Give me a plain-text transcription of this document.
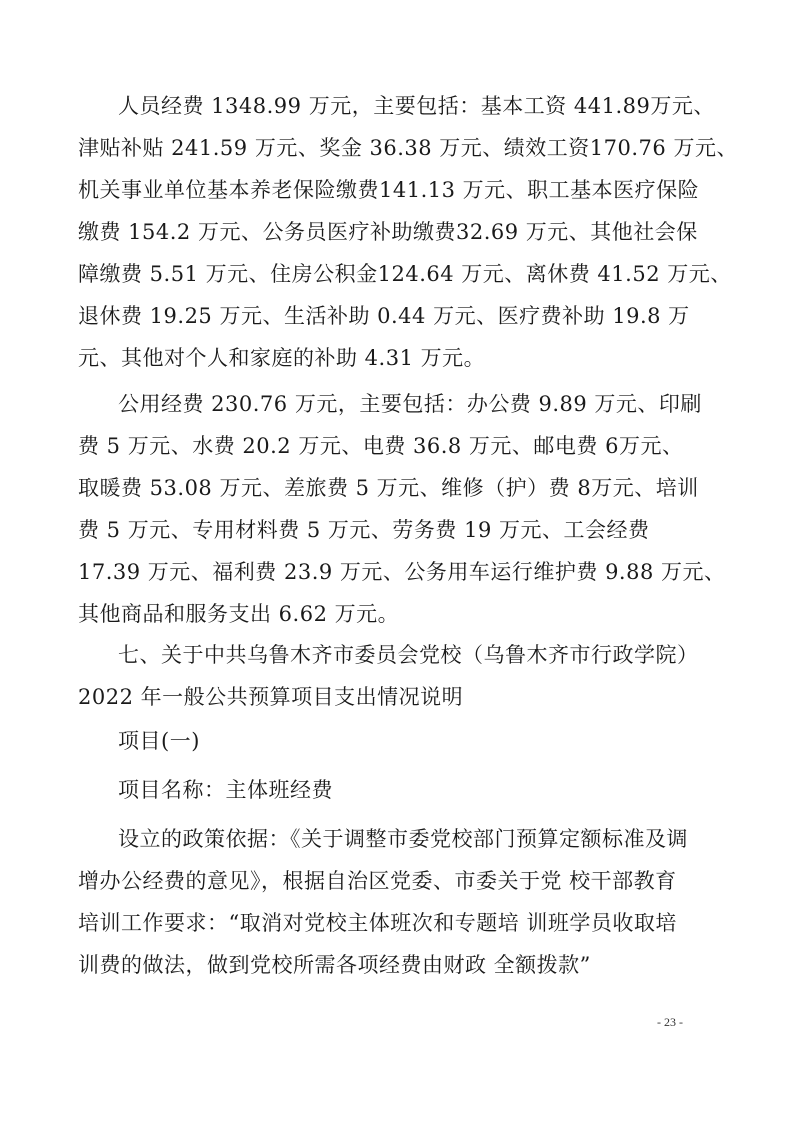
人员经费 1348.99 万元，主要包括：基本工资 441.89万元、
津贴补贴 241.59 万元、奖金 36.38 万元、绩效工资170.76 万元、
机关事业单位基本养老保险缴费141.13 万元、职工基本医疗保险
缴费 154.2 万元、公务员医疗补助缴费32.69 万元、其他社会保
障缴费 5.51 万元、住房公积金124.64 万元、离休费 41.52 万元、
退休费 19.25 万元、生活补助 0.44 万元、医疗费补助 19.8 万
元、其他对个人和家庭的补助 4.31 万元。
公用经费 230.76 万元，主要包括：办公费 9.89 万元、印刷
费 5 万元、水费 20.2 万元、电费 36.8 万元、邮电费 6万元、
取暖费 53.08 万元、差旅费 5 万元、维修（护）费 8万元、培训
费 5 万元、专用材料费 5 万元、劳务费 19 万元、工会经费
17.39 万元、福利费 23.9 万元、公务用车运行维护费 9.88 万元、
其他商品和服务支出 6.62 万元。
七、关于中共乌鲁木齐市委员会党校（乌鲁木齐市行政学院）
2022 年一般公共预算项目支出情况说明
项目(一)
项目名称：主体班经费
设立的政策依据：《关于调整市委党校部门预算定额标准及调
增办公经费的意见》，根据自治区党委、市委关于党 校干部教育
培训工作要求：“取消对党校主体班次和专题培 训班学员收取培
训费的做法，做到党校所需各项经费由财政 全额拨款”
- 23 -
